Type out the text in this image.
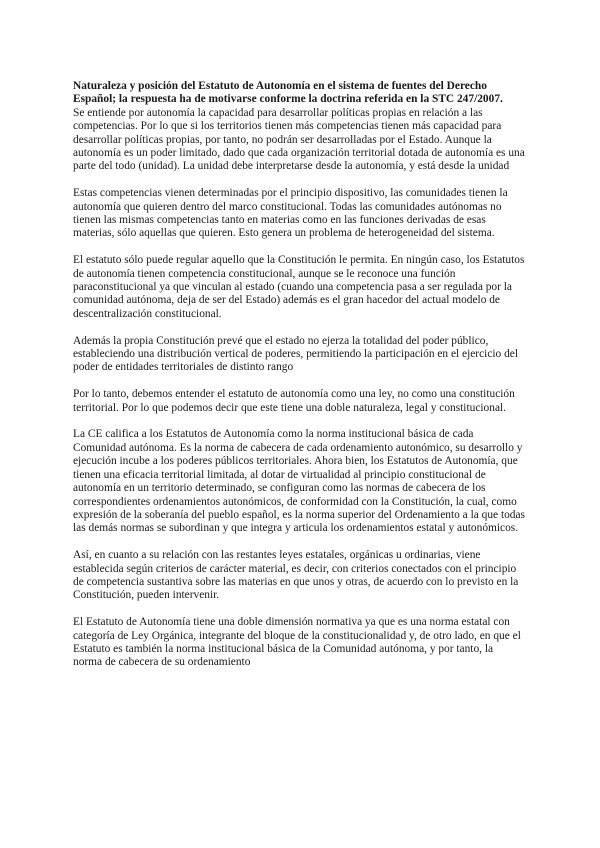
Naturaleza y posición del Estatuto de Autonomía en el sistema de fuentes del Derecho Español; la respuesta ha de motivarse conforme la doctrina referida en la STC 247/2007.

Se entiende por autonomía la capacidad para desarrollar políticas propias en relación a las competencias. Por lo que si los territorios tienen más competencias tienen más capacidad para desarrollar políticas propias, por tanto, no podrán ser desarrolladas por el Estado. Aunque la autonomía es un poder limitado, dado que cada organización territorial dotada de autonomía es una parte del todo (unidad). La unidad debe interpretarse desde la autonomía, y está desde la unidad

Estas competencias vienen determinadas por el principio dispositivo, las comunidades tienen la autonomía que quieren dentro del marco constitucional. Todas las comunidades autónomas no tienen las mismas competencias tanto en materias como en las funciones derivadas de esas materias, sólo aquellas que quieren. Esto genera un problema de heterogeneidad del sistema.

El estatuto sólo puede regular aquello que la Constitución le permita. En ningún caso, los Estatutos de autonomía tienen competencia constitucional, aunque se le reconoce una función paraconstitucional ya que vinculan al estado (cuando una competencia pasa a ser regulada por la comunidad autónoma, deja de ser del Estado) además es el gran hacedor del actual modelo de descentralización constitucional.

Además la propia Constitución prevé que el estado no ejerza la totalidad del poder público, estableciendo una distribución vertical de poderes, permitiendo la participación en el ejercicio del poder de entidades territoriales de distinto rango

Por lo tanto, debemos entender el estatuto de autonomía como una ley, no como una constitución territorial. Por lo que podemos decir que este tiene una doble naturaleza, legal y constitucional.

La CE califica a los Estatutos de Autonomía como la norma institucional básica de cada Comunidad autónoma. Es la norma de cabecera de cada ordenamiento autonómico, su desarrollo y ejecución incube a los poderes públicos territoriales. Ahora bien, los Estatutos de Autonomía, que tienen una eficacia territorial limitada, al dotar de virtualidad al principio constitucional de autonomía en un territorio determinado, se configuran como las normas de cabecera de los correspondientes ordenamientos autonómicos, de conformidad con la Constitución, la cual, como expresión de la soberanía del pueblo español, es la norma superior del Ordenamiento a la que todas las demás normas se subordinan y que integra y articula los ordenamientos estatal y autonómicos.

Así, en cuanto a su relación con las restantes leyes estatales, orgánicas u ordinarias, viene establecida según criterios de carácter material, es decir, con criterios conectados con el principio de competencia sustantiva sobre las materias en que unos y otras, de acuerdo con lo previsto en la Constitución, pueden intervenir.

El Estatuto de Autonomía tiene una doble dimensión normativa ya que es una norma estatal con categoría de Ley Orgánica, integrante del bloque de la constitucionalidad y, de otro lado, en que el Estatuto es también la norma institucional básica de la Comunidad autónoma, y por tanto, la norma de cabecera de su ordenamiento
